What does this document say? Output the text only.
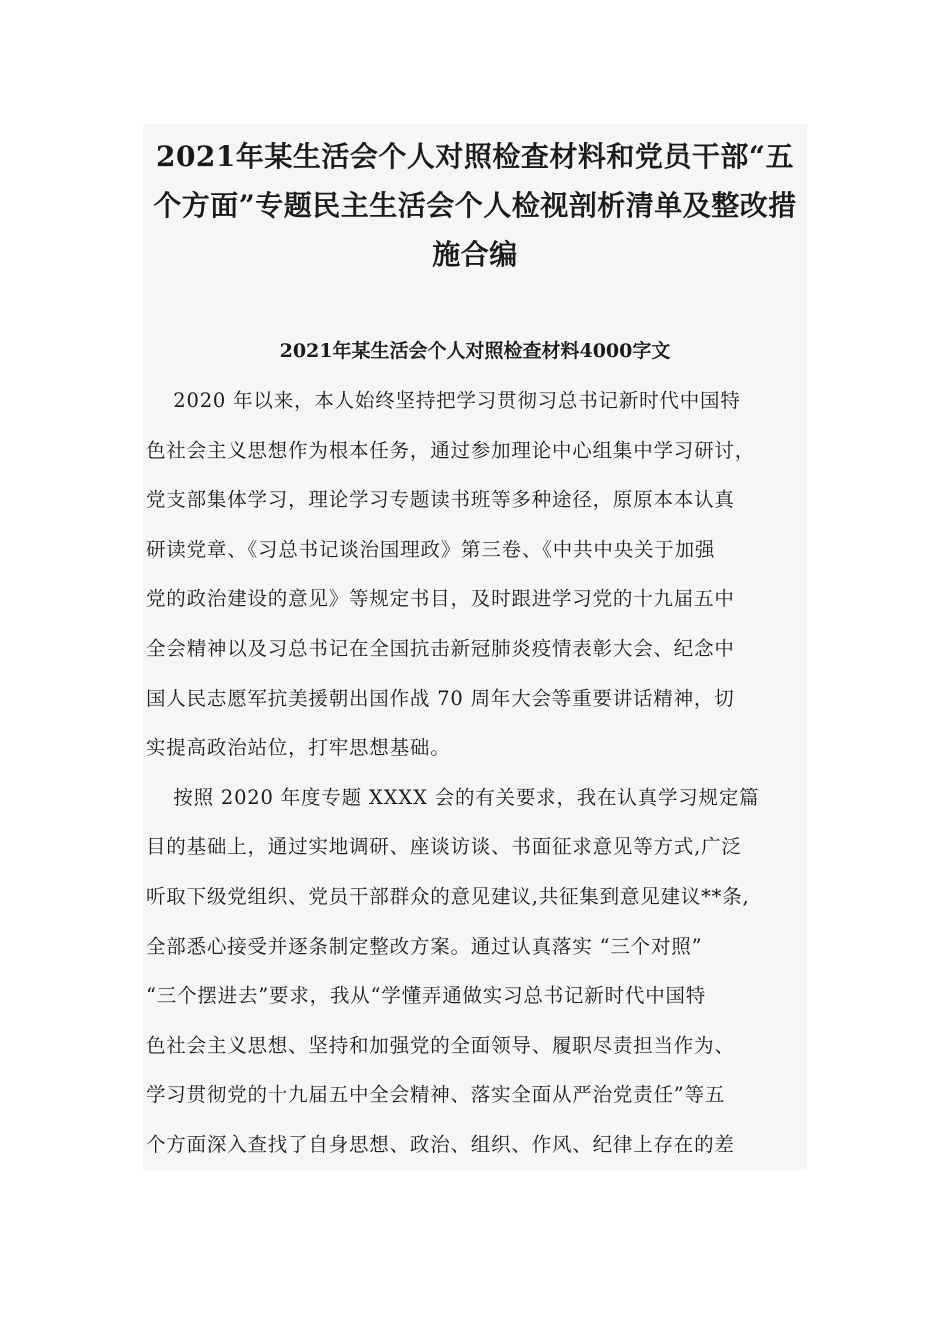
2021年某生活会个人对照检查材料和党员干部“五
个方面”专题民主生活会个人检视剖析清单及整改措
施合编
2021年某生活会个人对照检查材料4000字文

　 2020 年以来，本人始终坚持把学习贯彻习总书记新时代中国特
色社会主义思想作为根本任务，通过参加理论中心组集中学习研讨，
党支部集体学习，理论学习专题读书班等多种途径，原原本本认真
研读党章、《习总书记谈治国理政》第三卷、《中共中央关于加强
党的政治建设的意见》等规定书目，及时跟进学习党的十九届五中
全会精神以及习总书记在全国抗击新冠肺炎疫情表彰大会、纪念中
国人民志愿军抗美援朝出国作战 70 周年大会等重要讲话精神，切
实提高政治站位，打牢思想基础。

　 按照 2020 年度专题 XXXX 会的有关要求，我在认真学习规定篇
目的基础上，通过实地调研、座谈访谈、书面征求意见等方式,广泛
听取下级党组织、党员干部群众的意见建议,共征集到意见建议**条,
全部悉心接受并逐条制定整改方案。通过认真落实 “三个对照”
“三个摆进去”要求，我从“学懂弄通做实习总书记新时代中国特
色社会主义思想、坚持和加强党的全面领导、履职尽责担当作为、
学习贯彻党的十九届五中全会精神、落实全面从严治党责任”等五
个方面深入查找了自身思想、政治、组织、作风、纪律上存在的差
